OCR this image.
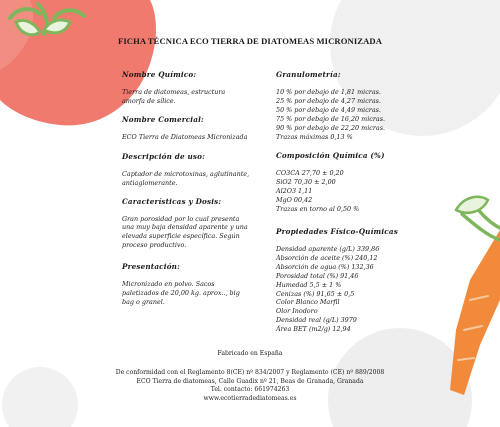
FICHA TÉCNICA ECO TIERRA DE DIATOMEAS MICRONIZADA
Nombre Químico:

Tierra de diatomeas, estructura

amorfa de sílice.

Nombre Comercial:

ECO Tierra de Diatomeas Micronizada

Descripción de uso:

Captador de microtoxinas, aglutinante,

antiaglomerante.

Características y Dosis:

Gran porosidad por lo cual presenta

una muy baja densidad aparente y una

elevada superficie específica. Según

proceso productivo.

Presentación:

Micronizado en polvo. Sacos

paletizados de 20,00 kg. aprox.., big

bag o granel.

Granulometría:

10 % por debajo de 1,81 micras.

25 % por debajo de 4,27 micras.

50 % por debajo de 4,49 micras.

75 % por debajo de 16,20 micras.

90 % por debajo de 22,20 micras.

Trazas máximas 0,13 %

Composición Química (%)

CO3CA 27,70 ± 0,20

SiO2 70,30 ± 2,00

Al2O3 1,11

MgO 00,42

Trazas en torno al 0,50 %

Propiedades Físico-Químicas

Densidad aparente (g/L) 339,86

Absorción de aceite (%) 240,12

Absorción de agua (%) 132,36

Porosidad total (%) 91,46

Humedad 5,5 ± 1 %

Cenizas (%) 91,65 ± 0,5

Color Blanco Marfil

Olor Inodoro

Densidad real (g/L) 3979

Área BET (m2/g) 12,94

Fabricado en España
De conformidad con el Reglamento 8(CE) nº 834/2007 y Reglamento (CE) nº 889/2008
ECO Tierra de diatomeas, Calle Guadix nº 21, Beas de Granada, Granada
Tel. contacto: 661974263
www.ecotierradediatomeas.es
